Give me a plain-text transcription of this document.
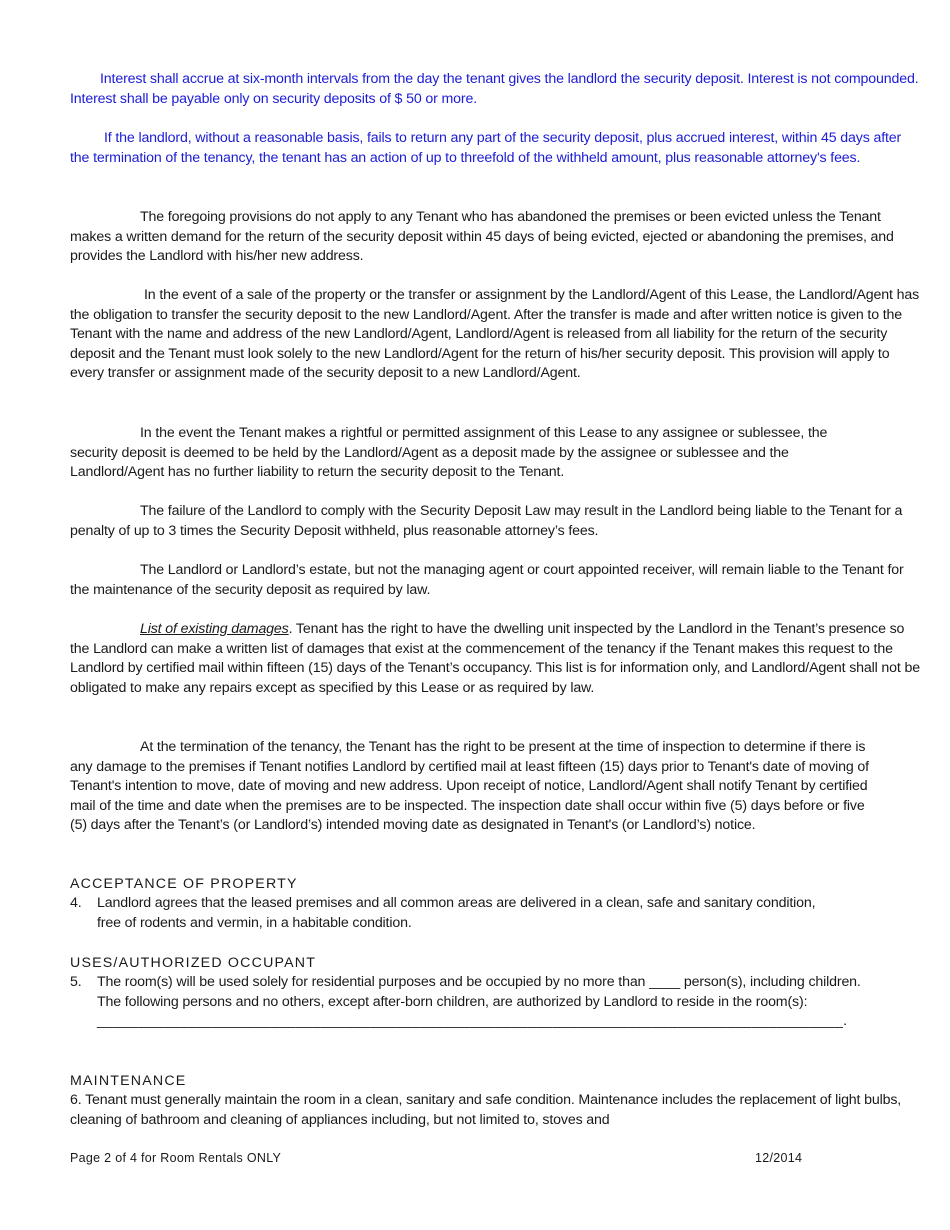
Interest shall accrue at six-month intervals from the day the tenant gives the landlord the security deposit. Interest is not compounded. Interest shall be payable only on security deposits of $ 50 or more.

If the landlord, without a reasonable basis, fails to return any part of the security deposit, plus accrued interest, within 45 days after the termination of the tenancy, the tenant has an action of up to threefold of the withheld amount, plus reasonable attorney's fees.

The foregoing provisions do not apply to any Tenant who has abandoned the premises or been evicted unless the Tenant makes a written demand for the return of the security deposit within 45 days of being evicted, ejected or abandoning the premises, and provides the Landlord with his/her new address.

In the event of a sale of the property or the transfer or assignment by the Landlord/Agent of this Lease, the Landlord/Agent has the obligation to transfer the security deposit to the new Landlord/Agent. After the transfer is made and after written notice is given to the Tenant with the name and address of the new Landlord/Agent, Landlord/Agent is released from all liability for the return of the security deposit and the Tenant must look solely to the new Landlord/Agent for the return of his/her security deposit. This provision will apply to every transfer or assignment made of the security deposit to a new Landlord/Agent.

In the event the Tenant makes a rightful or permitted assignment of this Lease to any assignee or sublessee, the security deposit is deemed to be held by the Landlord/Agent as a deposit made by the assignee or sublessee and the Landlord/Agent has no further liability to return the security deposit to the Tenant.

The failure of the Landlord to comply with the Security Deposit Law may result in the Landlord being liable to the Tenant for a penalty of up to 3 times the Security Deposit withheld, plus reasonable attorney’s fees.

The Landlord or Landlord’s estate, but not the managing agent or court appointed receiver, will remain liable to the Tenant for the maintenance of the security deposit as required by law.

List of existing damages. Tenant has the right to have the dwelling unit inspected by the Landlord in the Tenant’s presence so the Landlord can make a written list of damages that exist at the commencement of the tenancy if the Tenant makes this request to the Landlord by certified mail within fifteen (15) days of the Tenant’s occupancy. This list is for information only, and Landlord/Agent shall not be obligated to make any repairs except as specified by this Lease or as required by law.

At the termination of the tenancy, the Tenant has the right to be present at the time of inspection to determine if there is any damage to the premises if Tenant notifies Landlord by certified mail at least fifteen (15) days prior to Tenant's date of moving of Tenant's intention to move, date of moving and new address. Upon receipt of notice, Landlord/Agent shall notify Tenant by certified mail of the time and date when the premises are to be inspected. The inspection date shall occur within five (5) days before or five (5) days after the Tenant’s (or Landlord’s) intended moving date as designated in Tenant's (or Landlord’s) notice.

ACCEPTANCE OF PROPERTY
4. Landlord agrees that the leased premises and all common areas are delivered in a clean, safe and sanitary condition, free of rodents and vermin, in a habitable condition.
USES/AUTHORIZED OCCUPANT
5. The room(s) will be used solely for residential purposes and be occupied by no more than ____ person(s), including children. The following persons and no others, except after-born children, are authorized by Landlord to reside in the room(s):
__________________________________________________________________________________________.
MAINTENANCE

6. Tenant must generally maintain the room in a clean, sanitary and safe condition. Maintenance includes the replacement of light bulbs, cleaning of bathroom and cleaning of appliances including, but not limited to, stoves and

Page 2 of 4 for Room Rentals ONLY	12/2014
